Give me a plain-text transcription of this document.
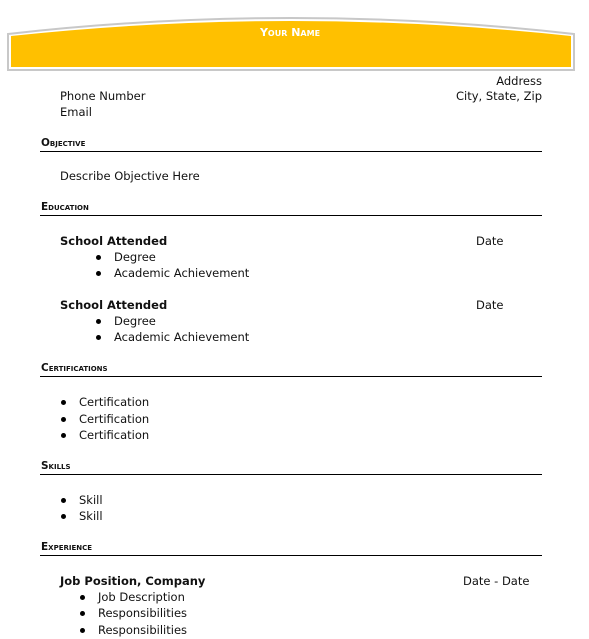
Your Name
Phone Number
Email
Address
City, State, Zip
Objective
Describe Objective Here
Education
School Attended	Date
Degree
Academic Achievement
School Attended	Date
Degree
Academic Achievement
Certifications
Certification
Certification
Certification
Skills
Skill
Skill
Experience
Job Position, Company	Date - Date
Job Description
Responsibilities
Responsibilities
